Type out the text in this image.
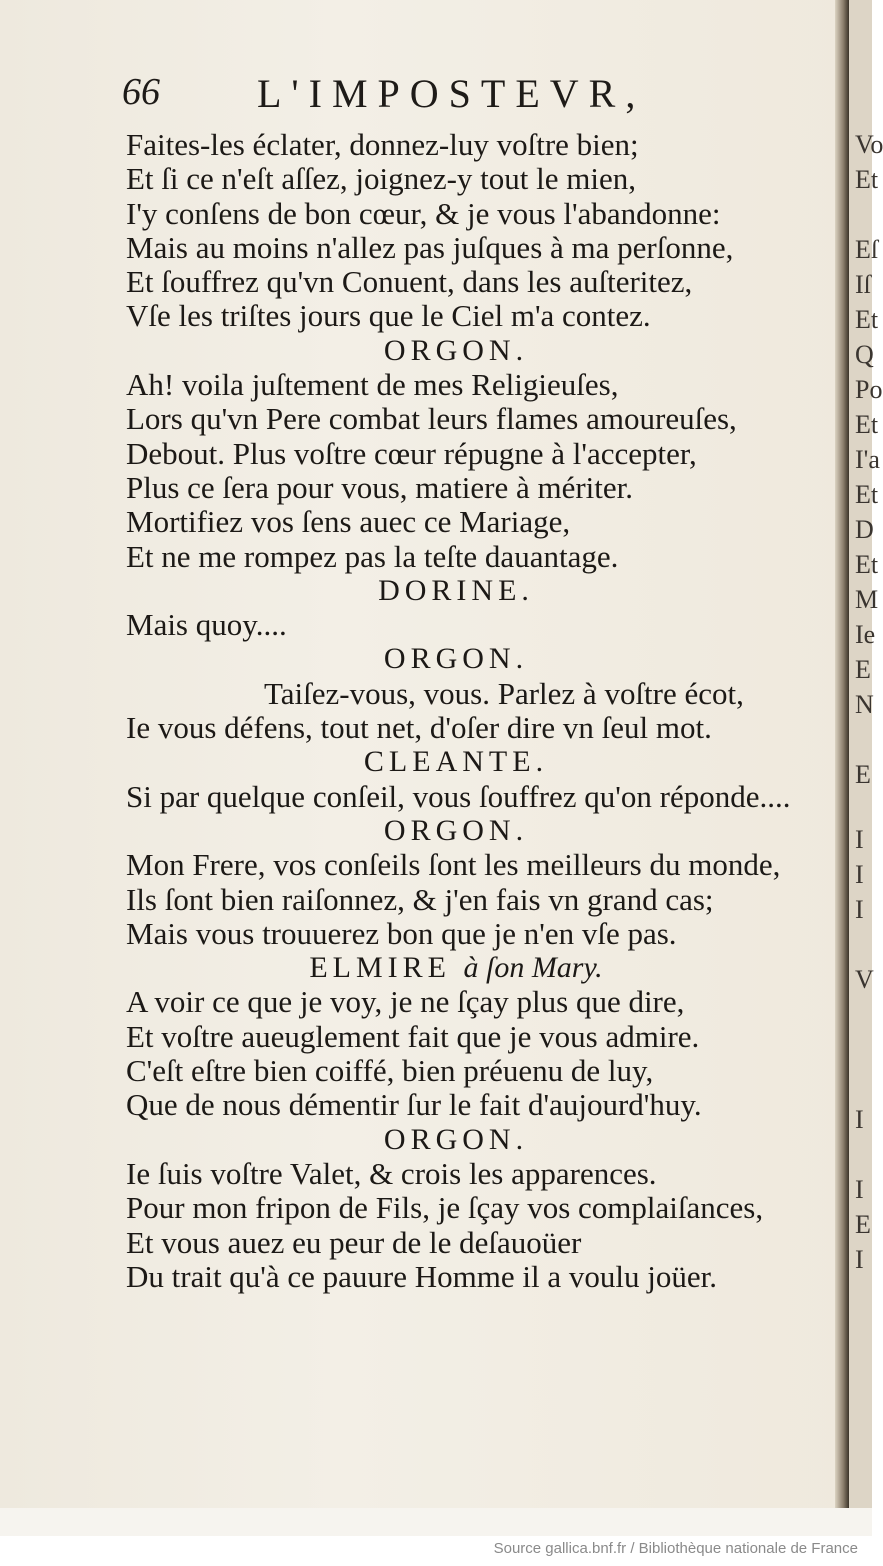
66 L'IMPOSTEVR,
Faites-les éclater, donnez-luy voſtre bien;
Et ſi ce n'eſt aſſez, joignez-y tout le mien,
I'y conſens de bon cœur, & je vous l'abandonne:
Mais au moins n'allez pas juſques à ma perſonne,
Et ſouffrez qu'vn Conuent, dans les auſteritez,
Vſe les triſtes jours que le Ciel m'a contez.
ORGON.
Ah! voila juſtement de mes Religieuſes,
Lors qu'vn Pere combat leurs flames amoureuſes,
Debout. Plus voſtre cœur répugne à l'accepter,
Plus ce ſera pour vous, matiere à mériter.
Mortifiez vos ſens auec ce Mariage,
Et ne me rompez pas la teſte dauantage.
DORINE.
Mais quoy....
ORGON.
Taiſez-vous, vous. Parlez à voſtre écot,
Ie vous défens, tout net, d'oſer dire vn ſeul mot.
CLEANTE.
Si par quelque conſeil, vous ſouffrez qu'on réponde....
ORGON.
Mon Frere, vos conſeils ſont les meilleurs du monde,
Ils ſont bien raiſonnez, & j'en fais vn grand cas;
Mais vous trouuerez bon que je n'en vſe pas.
ELMIRE à ſon Mary.
A voir ce que je voy, je ne ſçay plus que dire,
Et voſtre aueuglement fait que je vous admire.
C'eſt eſtre bien coiffé, bien préuenu de luy,
Que de nous démentir ſur le fait d'aujourd'huy.
ORGON.
Ie ſuis voſtre Valet, & crois les apparences.
Pour mon fripon de Fils, je ſçay vos complaiſances,
Et vous auez eu peur de le deſauoüer
Du trait qu'à ce pauure Homme il a voulu joüer.
Vo
Et
Eſ
Iſ
Et
Q
Po
Et
I'a
Et
D
Et
M
Ie
E
N
E
I
I
I
V
I
I
E
I
Source gallica.bnf.fr / Bibliothèque nationale de France
